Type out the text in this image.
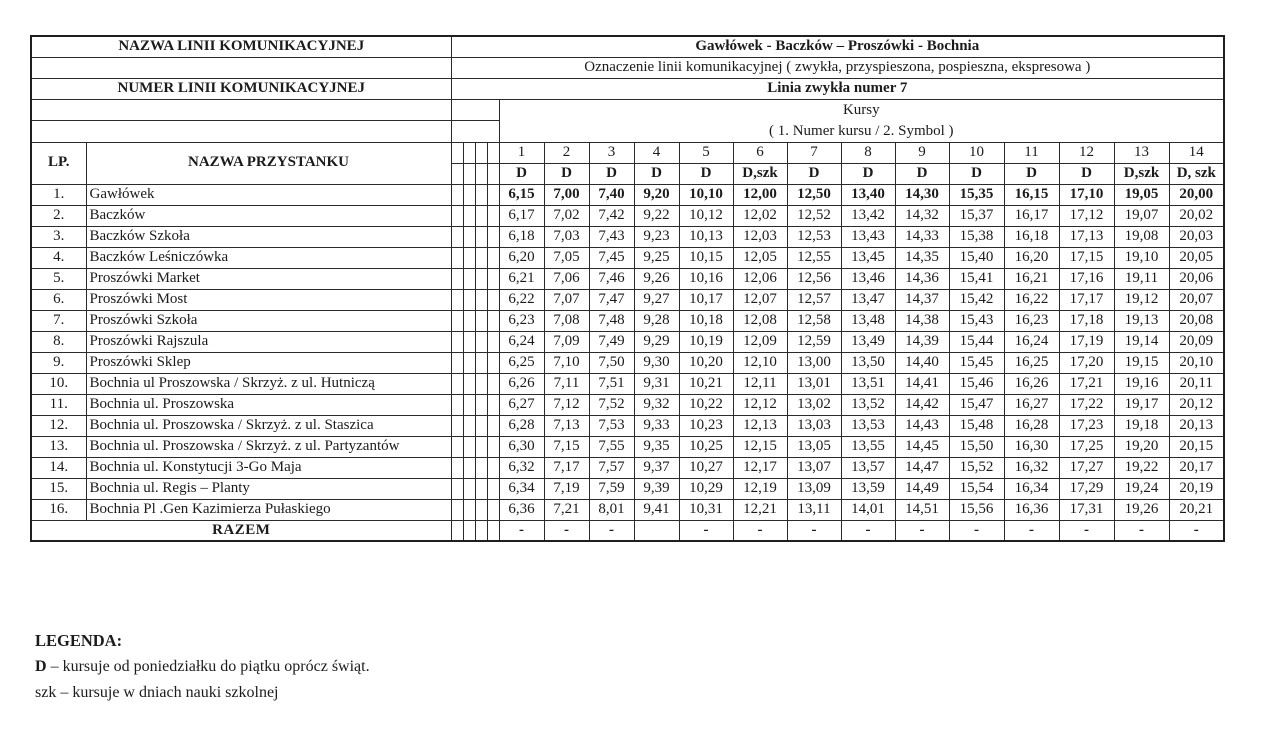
NAZWA LINII KOMUNIKACYJNEJ		Gawłówek - Baczków – Proszówki - Bochnia																	
		Oznaczenie linii komunikacyjnej ( zwykła, przyspieszona, pospieszna, ekspresowa )																	
NUMER LINII KOMUNIKACYJNEJ		Linia zwykła numer 7																	

						Kursy
( 1. Numer kursu / 2. Symbol )													

LP.	NAZWA PRZYSTANKU					1	2	3	4	5	6	7	8	9	10	11	12	13	14
						D	D	D	D	D	D,szk	D	D	D	D	D	D	D,szk	D, szk
1.	Gawłówek					6,15	7,00	7,40	9,20	10,10	12,00	12,50	13,40	14,30	15,35	16,15	17,10	19,05	20,00
2.	Baczków					6,17	7,02	7,42	9,22	10,12	12,02	12,52	13,42	14,32	15,37	16,17	17,12	19,07	20,02
3.	Baczków Szkoła					6,18	7,03	7,43	9,23	10,13	12,03	12,53	13,43	14,33	15,38	16,18	17,13	19,08	20,03
4.	Baczków Leśniczówka					6,20	7,05	7,45	9,25	10,15	12,05	12,55	13,45	14,35	15,40	16,20	17,15	19,10	20,05
5.	Proszówki Market					6,21	7,06	7,46	9,26	10,16	12,06	12,56	13,46	14,36	15,41	16,21	17,16	19,11	20,06
6.	Proszówki Most					6,22	7,07	7,47	9,27	10,17	12,07	12,57	13,47	14,37	15,42	16,22	17,17	19,12	20,07
7.	Proszówki Szkoła					6,23	7,08	7,48	9,28	10,18	12,08	12,58	13,48	14,38	15,43	16,23	17,18	19,13	20,08
8.	Proszówki Rajszula					6,24	7,09	7,49	9,29	10,19	12,09	12,59	13,49	14,39	15,44	16,24	17,19	19,14	20,09
9.	Proszówki Sklep					6,25	7,10	7,50	9,30	10,20	12,10	13,00	13,50	14,40	15,45	16,25	17,20	19,15	20,10
10.	Bochnia ul Proszowska / Skrzyż. z ul. Hutniczą					6,26	7,11	7,51	9,31	10,21	12,11	13,01	13,51	14,41	15,46	16,26	17,21	19,16	20,11
11.	Bochnia ul. Proszowska					6,27	7,12	7,52	9,32	10,22	12,12	13,02	13,52	14,42	15,47	16,27	17,22	19,17	20,12
12.	Bochnia ul. Proszowska / Skrzyż. z ul. Staszica					6,28	7,13	7,53	9,33	10,23	12,13	13,03	13,53	14,43	15,48	16,28	17,23	19,18	20,13
13.	Bochnia ul. Proszowska / Skrzyż. z ul. Partyzantów					6,30	7,15	7,55	9,35	10,25	12,15	13,05	13,55	14,45	15,50	16,30	17,25	19,20	20,15
14.	Bochnia ul. Konstytucji 3-Go Maja					6,32	7,17	7,57	9,37	10,27	12,17	13,07	13,57	14,47	15,52	16,32	17,27	19,22	20,17
15.	Bochnia ul. Regis – Planty					6,34	7,19	7,59	9,39	10,29	12,19	13,09	13,59	14,49	15,54	16,34	17,29	19,24	20,19
16.	Bochnia Pl .Gen Kazimierza Pułaskiego					6,36	7,21	8,01	9,41	10,31	12,21	13,11	14,01	14,51	15,56	16,36	17,31	19,26	20,21
RAZEM						-	-	-		-	-	-	-	-	-	-	-	-	-
LEGENDA:
D – kursuje od poniedziałku do piątku oprócz świąt.
szk – kursuje w dniach nauki szkolnej
